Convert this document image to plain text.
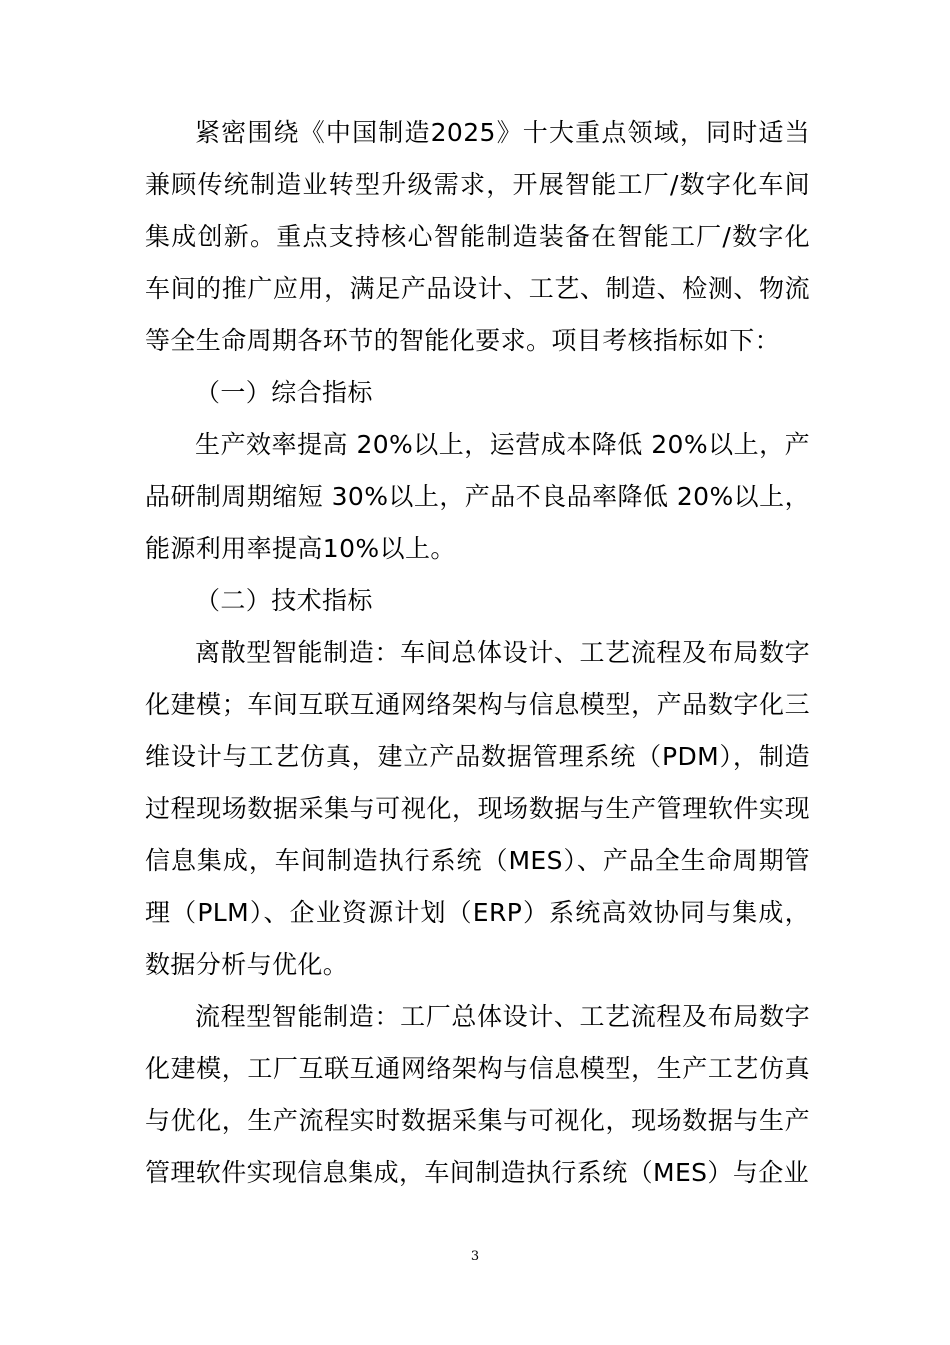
紧密围绕《中国制造2025》十大重点领域，同时适当兼顾传统制造业转型升级需求，开展智能工厂/数字化车间集成创新。重点支持核心智能制造装备在智能工厂/数字化车间的推广应用，满足产品设计、工艺、制造、检测、物流等全生命周期各环节的智能化要求。项目考核指标如下：

（一）综合指标

生产效率提高 20%以上，运营成本降低 20%以上，产品研制周期缩短 30%以上，产品不良品率降低 20%以上，能源利用率提高10%以上。

（二）技术指标

离散型智能制造：车间总体设计、工艺流程及布局数字化建模；车间互联互通网络架构与信息模型，产品数字化三维设计与工艺仿真，建立产品数据管理系统（PDM），制造过程现场数据采集与可视化，现场数据与生产管理软件实现信息集成，车间制造执行系统（MES）、产品全生命周期管理（PLM）、企业资源计划（ERP）系统高效协同与集成，数据分析与优化。

流程型智能制造：工厂总体设计、工艺流程及布局数字化建模，工厂互联互通网络架构与信息模型，生产工艺仿真与优化，生产流程实时数据采集与可视化，现场数据与生产管理软件实现信息集成，车间制造执行系统（MES）与企业

3
